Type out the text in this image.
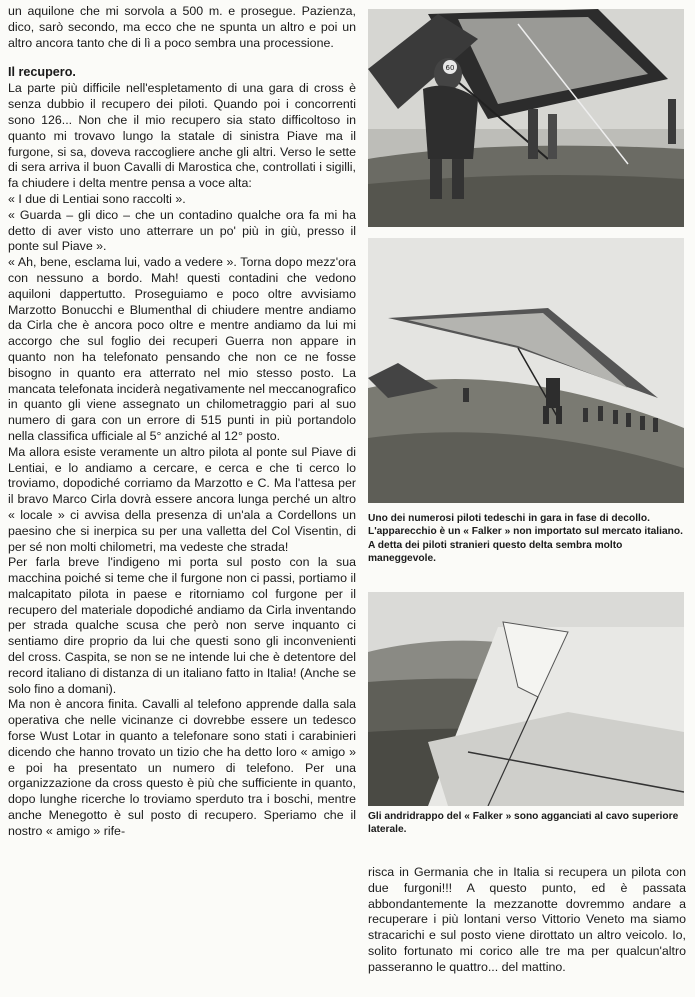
un aquilone che mi sorvola a 500 m. e prosegue. Pazienza, dico, sarò secondo, ma ecco che ne spunta un altro e poi un altro ancora tanto che di lì a poco sembra una processione.

Il recupero.

La parte più difficile nell'espletamento di una gara di cross è senza dubbio il recupero dei piloti. Quando poi i concorrenti sono 126... Non che il mio recupero sia stato difficoltoso in quanto mi trovavo lungo la statale di sinistra Piave ma il furgone, si sa, doveva raccogliere anche gli altri. Verso le sette di sera arriva il buon Cavalli di Marostica che, controllati i sigilli, fa chiudere i delta mentre pensa a voce alta:

« I due di Lentiai sono raccolti ».

« Guarda – gli dico – che un contadino qualche ora fa mi ha detto di aver visto uno atterrare un po' più in giù, presso il ponte sul Piave ».

« Ah, bene, esclama lui, vado a vedere ». Torna dopo mezz'ora con nessuno a bordo. Mah! questi contadini che vedono aquiloni dappertutto. Proseguiamo e poco oltre avvisiamo Marzotto Bonucchi e Blumenthal di chiudere mentre andiamo da Cirla che è ancora poco oltre e mentre andiamo da lui mi accorgo che sul foglio dei recuperi Guerra non appare in quanto non ha telefonato pensando che non ce ne fosse bisogno in quanto era atterrato nel mio stesso posto. La mancata telefonata inciderà negativamente nel meccanografico in quanto gli viene assegnato un chilometraggio pari al suo numero di gara con un errore di 515 punti in più portandolo nella classifica ufficiale al 5° anziché al 12° posto.

Ma allora esiste veramente un altro pilota al ponte sul Piave di Lentiai, e lo andiamo a cercare, e cerca e che ti cerco lo troviamo, dopodiché corriamo da Marzotto e C. Ma l'attesa per il bravo Marco Cirla dovrà essere ancora lunga perché un altro « locale » ci avvisa della presenza di un'ala a Cordellons un paesino che si inerpica su per una valletta del Col Visentin, di per sé non molti chilometri, ma vedeste che strada!

Per farla breve l'indigeno mi porta sul posto con la sua macchina poiché si teme che il furgone non ci passi, portiamo il malcapitato pilota in paese e ritorniamo col furgone per il recupero del materiale dopodiché andiamo da Cirla inventando per strada qualche scusa che però non serve inquanto ci sentiamo dire proprio da lui che questi sono gli inconvenienti del cross. Caspita, se non se ne intende lui che è detentore del record italiano di distanza di un italiano fatto in Italia! (Anche se solo fino a domani).

Ma non è ancora finita. Cavalli al telefono apprende dalla sala operativa che nelle vicinanze ci dovrebbe essere un tedesco forse Wust Lotar in quanto a telefonare sono stati i carabinieri dicendo che hanno trovato un tizio che ha detto loro « amigo » e poi ha presentato un numero di telefono. Per una organizzazione da cross questo è più che sufficiente in quanto, dopo lunghe ricerche lo troviamo sperduto tra i boschi, mentre anche Menegotto è sul posto di recupero. Speriamo che il nostro « amigo » rife-

60
Uno dei numerosi piloti tedeschi in gara in fase di decollo. L'apparecchio è un « Falker » non importato sul mercato italiano. A detta dei piloti stranieri questo delta sembra molto maneggevole.
Gli andridrappo del « Falker » sono agganciati al cavo superiore laterale.
risca in Germania che in Italia si recupera un pilota con due furgoni!!! A questo punto, ed è passata abbondantemente la mezzanotte dovremmo andare a recuperare i più lontani verso Vittorio Veneto ma siamo stracarichi e sul posto viene dirottato un altro veicolo. Io, solito fortunato mi corico alle tre ma per qualcun'altro passeranno le quattro... del mattino.
